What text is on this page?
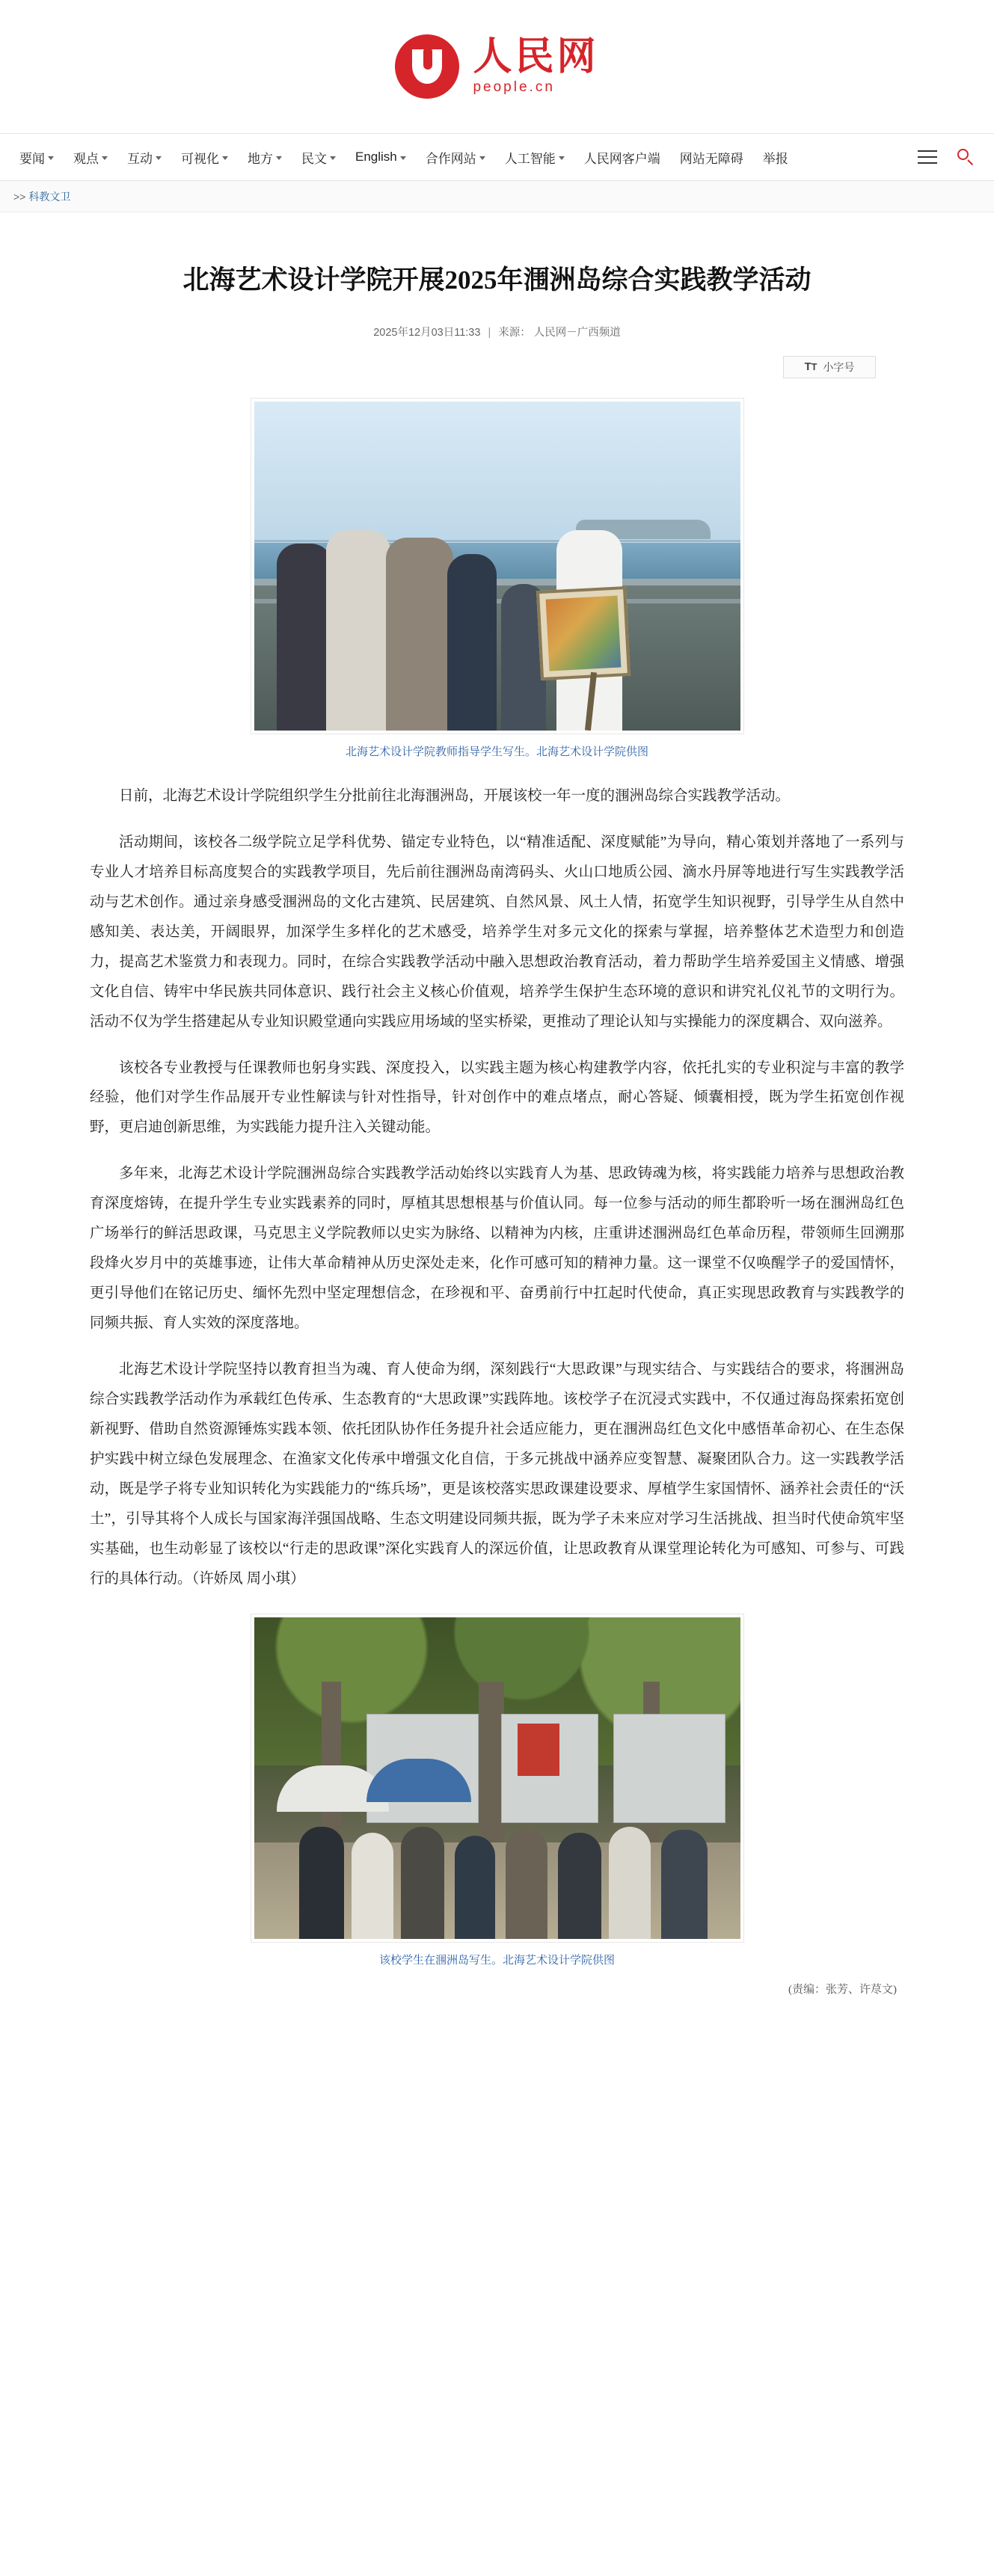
人民网
people.cn
要闻 观点 互动 可视化 地方 民文 English 合作网站 人工智能 人民网客户端 网站无障碍 举报
>> 科教文卫
北海艺术设计学院开展2025年涠洲岛综合实践教学活动
2025年12月03日11:33 | 来源： 人民网－广西频道
TT 小字号
北海艺术设计学院教师指导学生写生。北海艺术设计学院供图

日前，北海艺术设计学院组织学生分批前往北海涠洲岛，开展该校一年一度的涠洲岛综合实践教学活动。

活动期间，该校各二级学院立足学科优势、锚定专业特色，以“精准适配、深度赋能”为导向，精心策划并落地了一系列与专业人才培养目标高度契合的实践教学项目，先后前往涠洲岛南湾码头、火山口地质公园、滴水丹屏等地进行写生实践教学活动与艺术创作。通过亲身感受涠洲岛的文化古建筑、民居建筑、自然风景、风土人情，拓宽学生知识视野，引导学生从自然中感知美、表达美，开阔眼界，加深学生多样化的艺术感受，培养学生对多元文化的探索与掌握，培养整体艺术造型力和创造力，提高艺术鉴赏力和表现力。同时，在综合实践教学活动中融入思想政治教育活动，着力帮助学生培养爱国主义情感、增强文化自信、铸牢中华民族共同体意识、践行社会主义核心价值观，培养学生保护生态环境的意识和讲究礼仪礼节的文明行为。活动不仅为学生搭建起从专业知识殿堂通向实践应用场域的坚实桥梁，更推动了理论认知与实操能力的深度耦合、双向滋养。

该校各专业教授与任课教师也躬身实践、深度投入，以实践主题为核心构建教学内容，依托扎实的专业积淀与丰富的教学经验，他们对学生作品展开专业性解读与针对性指导，针对创作中的难点堵点，耐心答疑、倾囊相授，既为学生拓宽创作视野，更启迪创新思维，为实践能力提升注入关键动能。

多年来，北海艺术设计学院涠洲岛综合实践教学活动始终以实践育人为基、思政铸魂为核，将实践能力培养与思想政治教育深度熔铸，在提升学生专业实践素养的同时，厚植其思想根基与价值认同。每一位参与活动的师生都聆听一场在涠洲岛红色广场举行的鲜活思政课，马克思主义学院教师以史实为脉络、以精神为内核，庄重讲述涠洲岛红色革命历程，带领师生回溯那段烽火岁月中的英雄事迹，让伟大革命精神从历史深处走来，化作可感可知的精神力量。这一课堂不仅唤醒学子的爱国情怀，更引导他们在铭记历史、缅怀先烈中坚定理想信念，在珍视和平、奋勇前行中扛起时代使命，真正实现思政教育与实践教学的同频共振、育人实效的深度落地。

北海艺术设计学院坚持以教育担当为魂、育人使命为纲，深刻践行“大思政课”与现实结合、与实践结合的要求，将涠洲岛综合实践教学活动作为承载红色传承、生态教育的“大思政课”实践阵地。该校学子在沉浸式实践中，不仅通过海岛探索拓宽创新视野、借助自然资源锤炼实践本领、依托团队协作任务提升社会适应能力，更在涠洲岛红色文化中感悟革命初心、在生态保护实践中树立绿色发展理念、在渔家文化传承中增强文化自信，于多元挑战中涵养应变智慧、凝聚团队合力。这一实践教学活动，既是学子将专业知识转化为实践能力的“练兵场”，更是该校落实思政课建设要求、厚植学生家国情怀、涵养社会责任的“沃土”，引导其将个人成长与国家海洋强国战略、生态文明建设同频共振，既为学子未来应对学习生活挑战、担当时代使命筑牢坚实基础，也生动彰显了该校以“行走的思政课”深化实践育人的深远价值，让思政教育从课堂理论转化为可感知、可参与、可践行的具体行动。（许娇凤 周小琪）

该校学生在涠洲岛写生。北海艺术设计学院供图
(责编：张芳、许荩文)
